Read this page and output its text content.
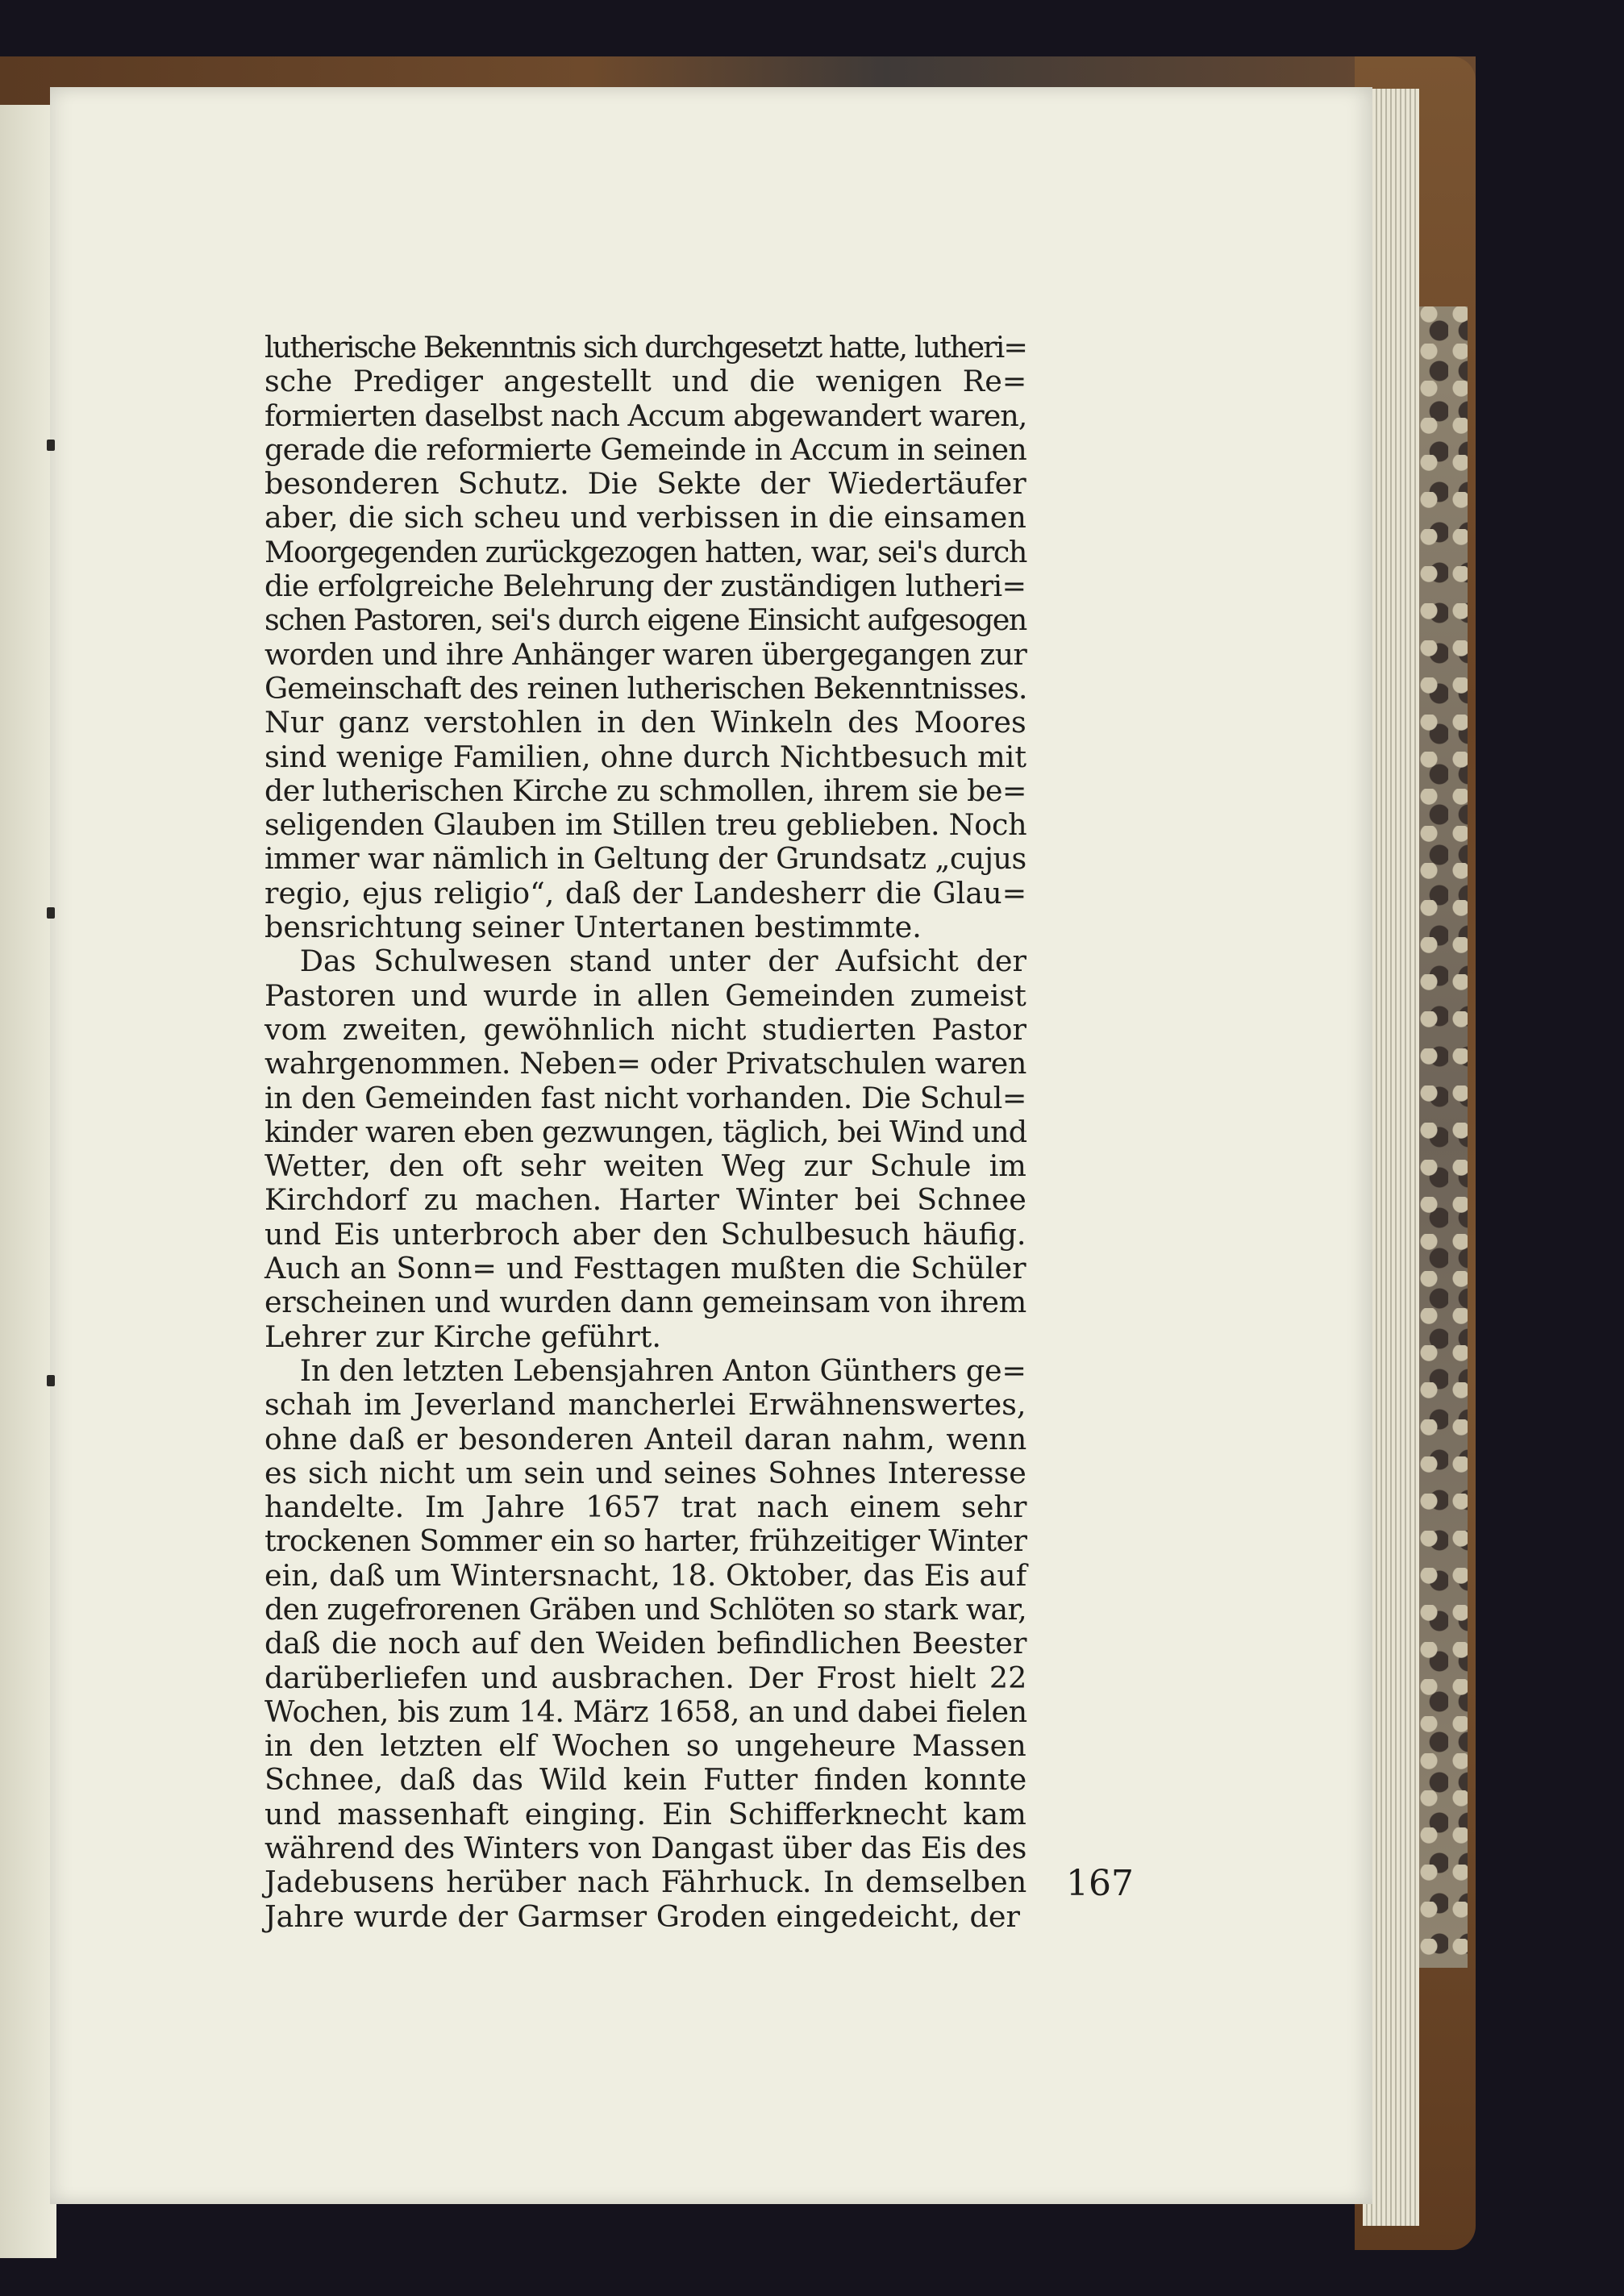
lutherische Bekenntnis sich durchgesetzt hatte, lutheri=
sche Prediger angestellt und die wenigen Re=
formierten daselbst nach Accum abgewandert waren,
gerade die reformierte Gemeinde in Accum in seinen
besonderen Schutz. Die Sekte der Wiedertäufer
aber, die sich scheu und verbissen in die einsamen
Moorgegenden zurückgezogen hatten, war, sei's durch
die erfolgreiche Belehrung der zuständigen lutheri=
schen Pastoren, sei's durch eigene Einsicht aufgesogen
worden und ihre Anhänger waren übergegangen zur
Gemeinschaft des reinen lutherischen Bekenntnisses.
Nur ganz verstohlen in den Winkeln des Moores
sind wenige Familien, ohne durch Nichtbesuch mit
der lutherischen Kirche zu schmollen, ihrem sie be=
seligenden Glauben im Stillen treu geblieben. Noch
immer war nämlich in Geltung der Grundsatz „cujus
regio, ejus religio“, daß der Landesherr die Glau=
bensrichtung seiner Untertanen bestimmte.
Das Schulwesen stand unter der Aufsicht der
Pastoren und wurde in allen Gemeinden zumeist
vom zweiten, gewöhnlich nicht studierten Pastor
wahrgenommen. Neben= oder Privatschulen waren
in den Gemeinden fast nicht vorhanden. Die Schul=
kinder waren eben gezwungen, täglich, bei Wind und
Wetter, den oft sehr weiten Weg zur Schule im
Kirchdorf zu machen. Harter Winter bei Schnee
und Eis unterbroch aber den Schulbesuch häufig.
Auch an Sonn= und Festtagen mußten die Schüler
erscheinen und wurden dann gemeinsam von ihrem
Lehrer zur Kirche geführt.
In den letzten Lebensjahren Anton Günthers ge=
schah im Jeverland mancherlei Erwähnenswertes,
ohne daß er besonderen Anteil daran nahm, wenn
es sich nicht um sein und seines Sohnes Interesse
handelte. Im Jahre 1657 trat nach einem sehr
trockenen Sommer ein so harter, frühzeitiger Winter
ein, daß um Wintersnacht, 18. Oktober, das Eis auf
den zugefrorenen Gräben und Schlöten so stark war,
daß die noch auf den Weiden befindlichen Beester
darüberliefen und ausbrachen. Der Frost hielt 22
Wochen, bis zum 14. März 1658, an und dabei fielen
in den letzten elf Wochen so ungeheure Massen
Schnee, daß das Wild kein Futter finden konnte
und massenhaft einging. Ein Schifferknecht kam
während des Winters von Dangast über das Eis des
Jadebusens herüber nach Fährhuck. In demselben
Jahre wurde der Garmser Groden eingedeicht, der
167
